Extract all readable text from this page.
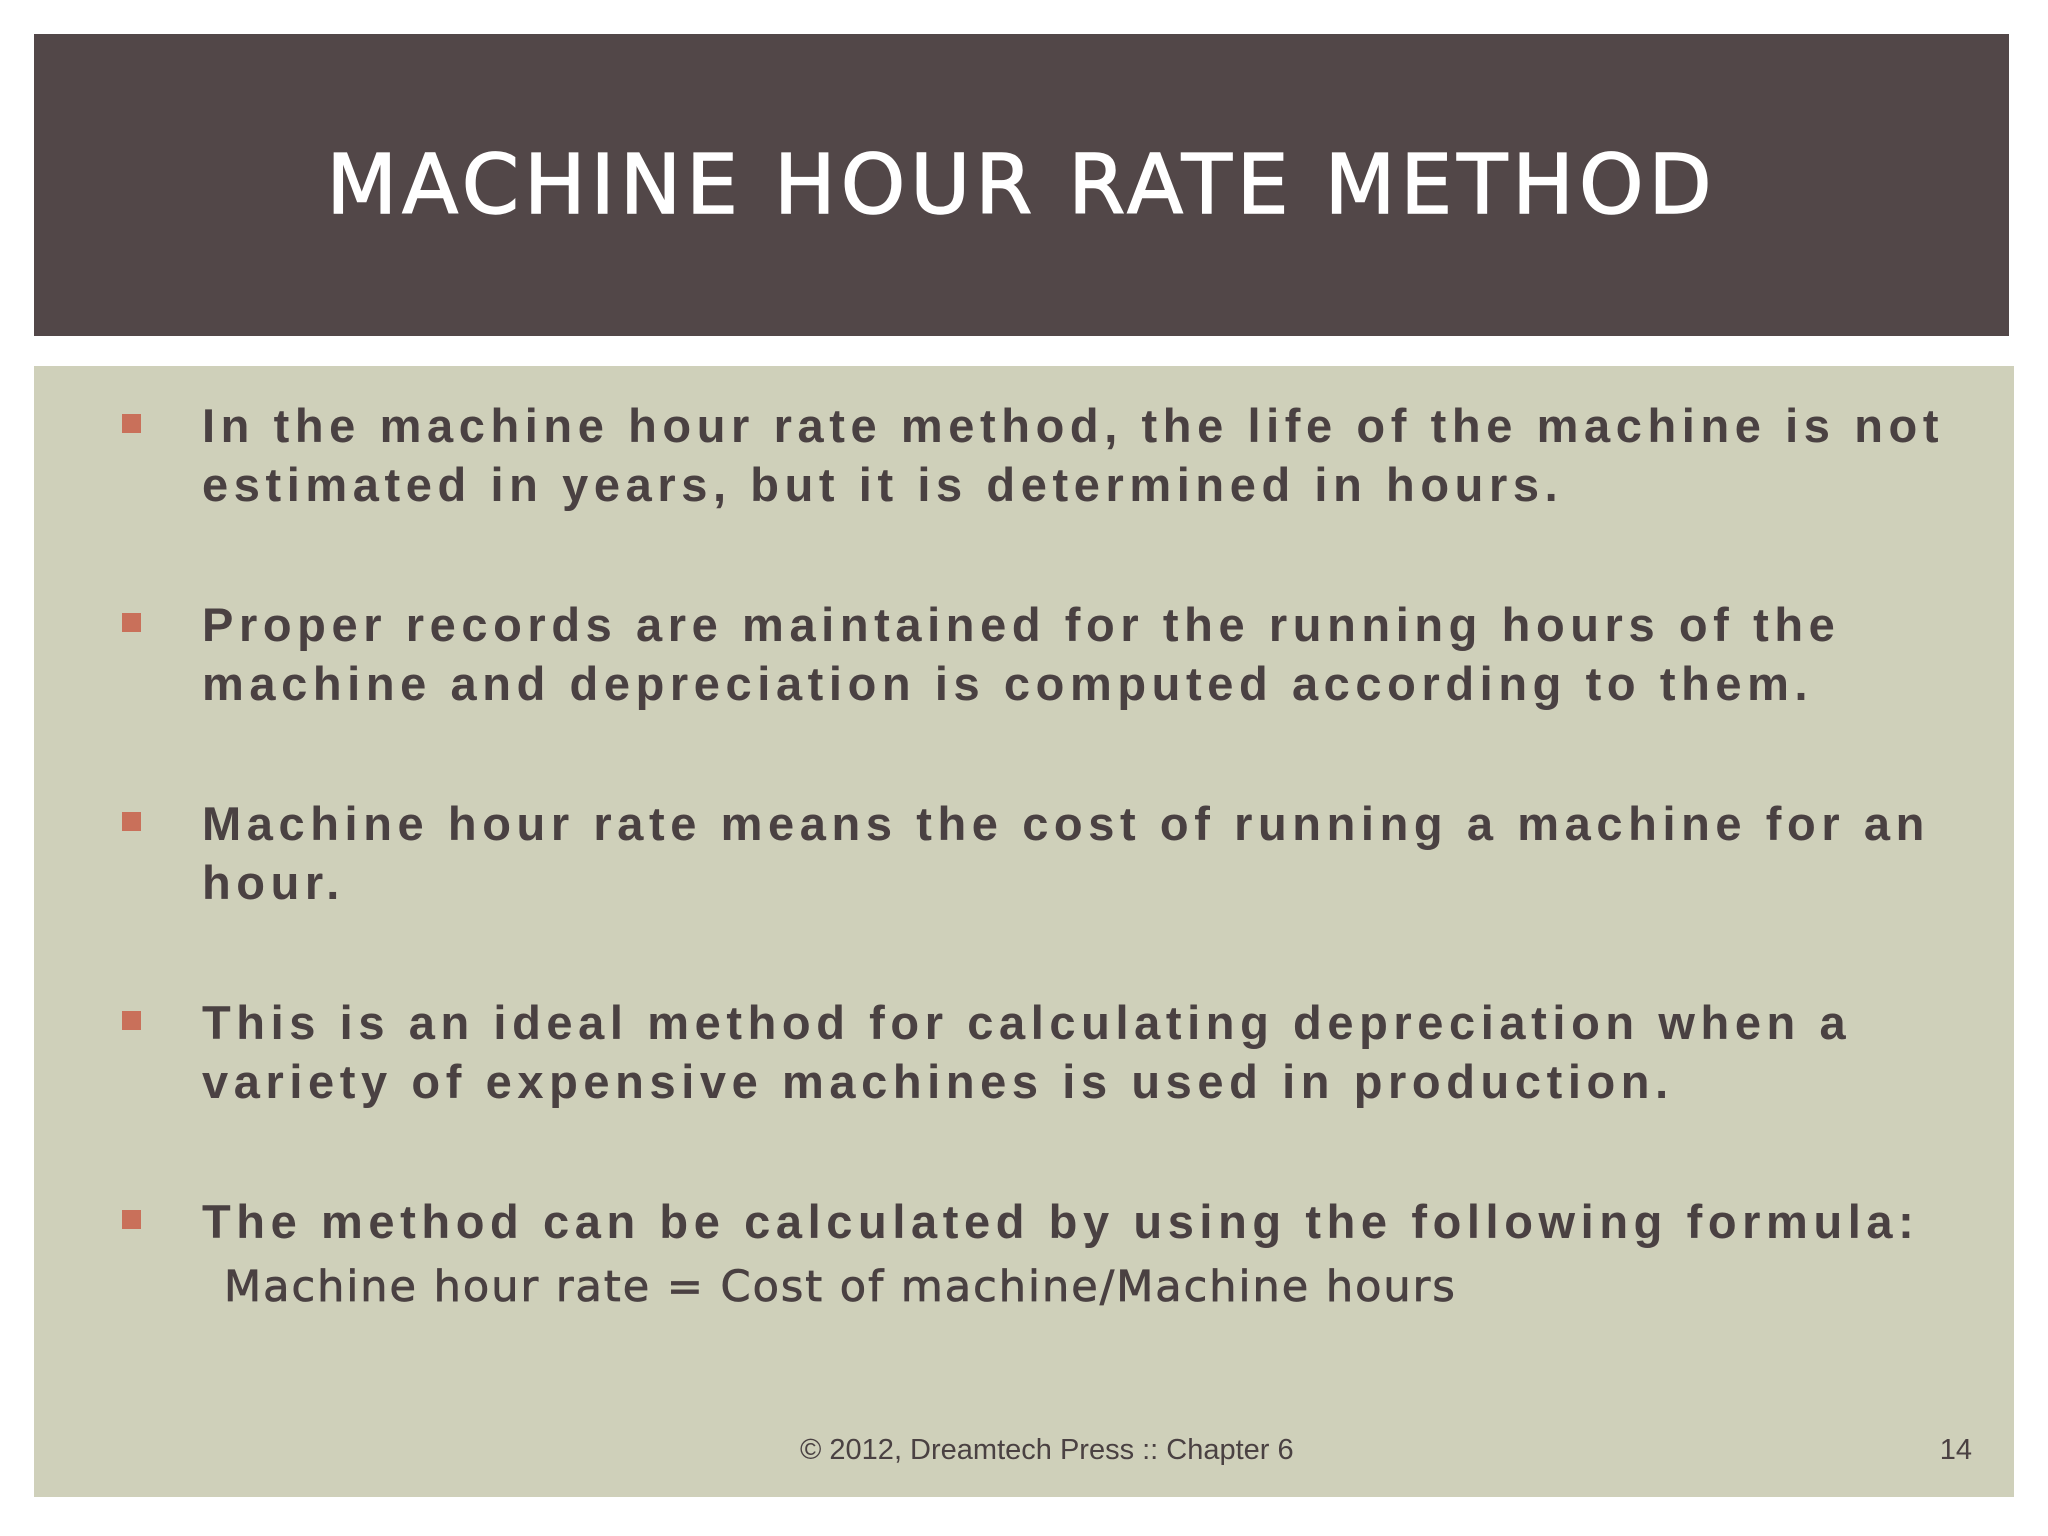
MACHINE HOUR RATE METHOD
In the machine hour rate method, the life of the machine is not estimated in years, but it is determined in hours.
Proper records are maintained for the running hours of the machine and depreciation is computed according to them.
Machine hour rate means the cost of running a machine for an hour.
This is an ideal method for calculating depreciation when a variety of expensive machines is used in production.
The method can be calculated by using the following formula:
Machine hour rate = Cost of machine/Machine hours
© 2012, Dreamtech Press :: Chapter 6	14
